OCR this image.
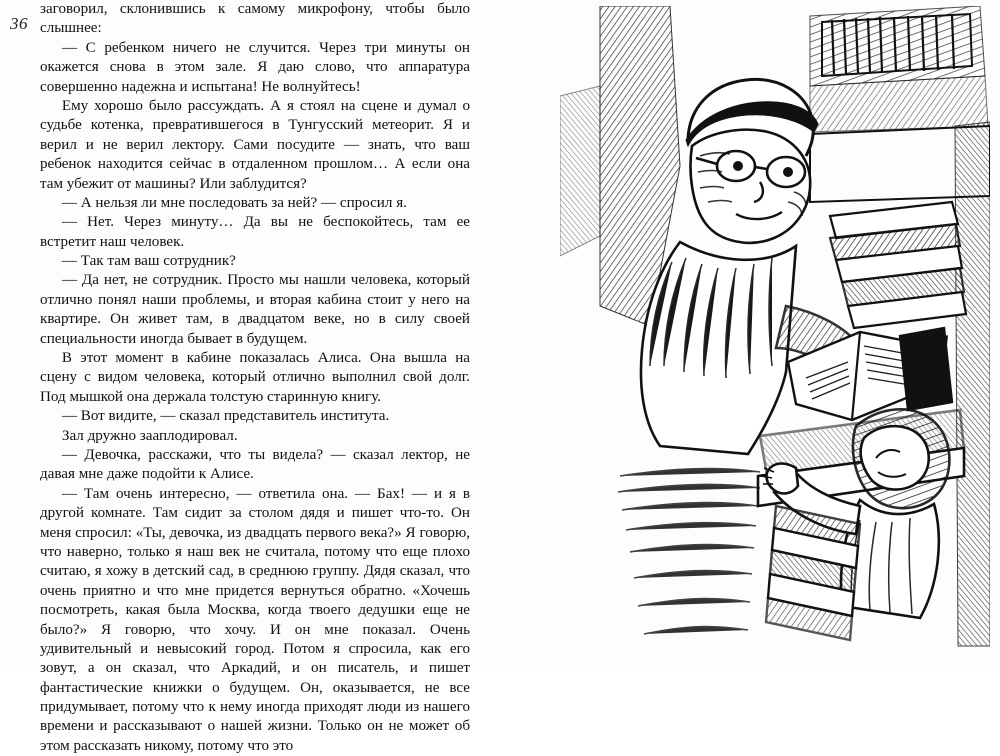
36

заговорил, склонившись к самому микрофону, чтобы было слышнее:

— С ребенком ничего не случится. Через три минуты он окажется снова в этом зале. Я даю слово, что аппаратура совершенно надежна и испытана! Не волнуйтесь!

Ему хорошо было рассуждать. А я стоял на сцене и думал о судьбе котенка, превратившегося в Тунгусский метеорит. Я и верил и не верил лектору. Сами посудите — знать, что ваш ребенок находится сейчас в отдаленном прошлом… А если она там убежит от машины? Или заблудится?

— А нельзя ли мне последовать за ней? — спросил я.

— Нет. Через минуту… Да вы не беспокойтесь, там ее встретит наш человек.

— Так там ваш сотрудник?

— Да нет, не сотрудник. Просто мы нашли человека, который отлично понял наши проблемы, и вторая кабина стоит у него на квартире. Он живет там, в двадцатом веке, но в силу своей специальности иногда бывает в будущем.

В этот момент в кабине показалась Алиса. Она вышла на сцену с видом человека, который отлично выполнил свой долг. Под мышкой она держала толстую старинную книгу.

— Вот видите, — сказал представитель института.

Зал дружно зааплодировал.

— Девочка, расскажи, что ты видела? — сказал лектор, не давая мне даже подойти к Алисе.

— Там очень интересно, — ответила она. — Бах! — и я в другой комнате. Там сидит за столом дядя и пишет что-то. Он меня спросил: «Ты, девочка, из двадцать первого века?» Я говорю, что наверно, только я наш век не считала, потому что еще плохо считаю, я хожу в детский сад, в среднюю группу. Дядя сказал, что очень приятно и что мне придется вернуться обратно. «Хочешь посмотреть, какая была Москва, когда твоего дедушки еще не было?» Я говорю, что хочу. И он мне показал. Очень удивительный и невысокий город. Потом я спросила, как его зовут, а он сказал, что Аркадий, и он писатель, и пишет фантастические книжки о будущем. Он, оказывается, не все придумывает, потому что к нему иногда приходят люди из нашего времени и рассказывают о нашей жизни. Только он не может об этом рассказать никому, потому что это

ПЯТНА
НА МАРСЕ
